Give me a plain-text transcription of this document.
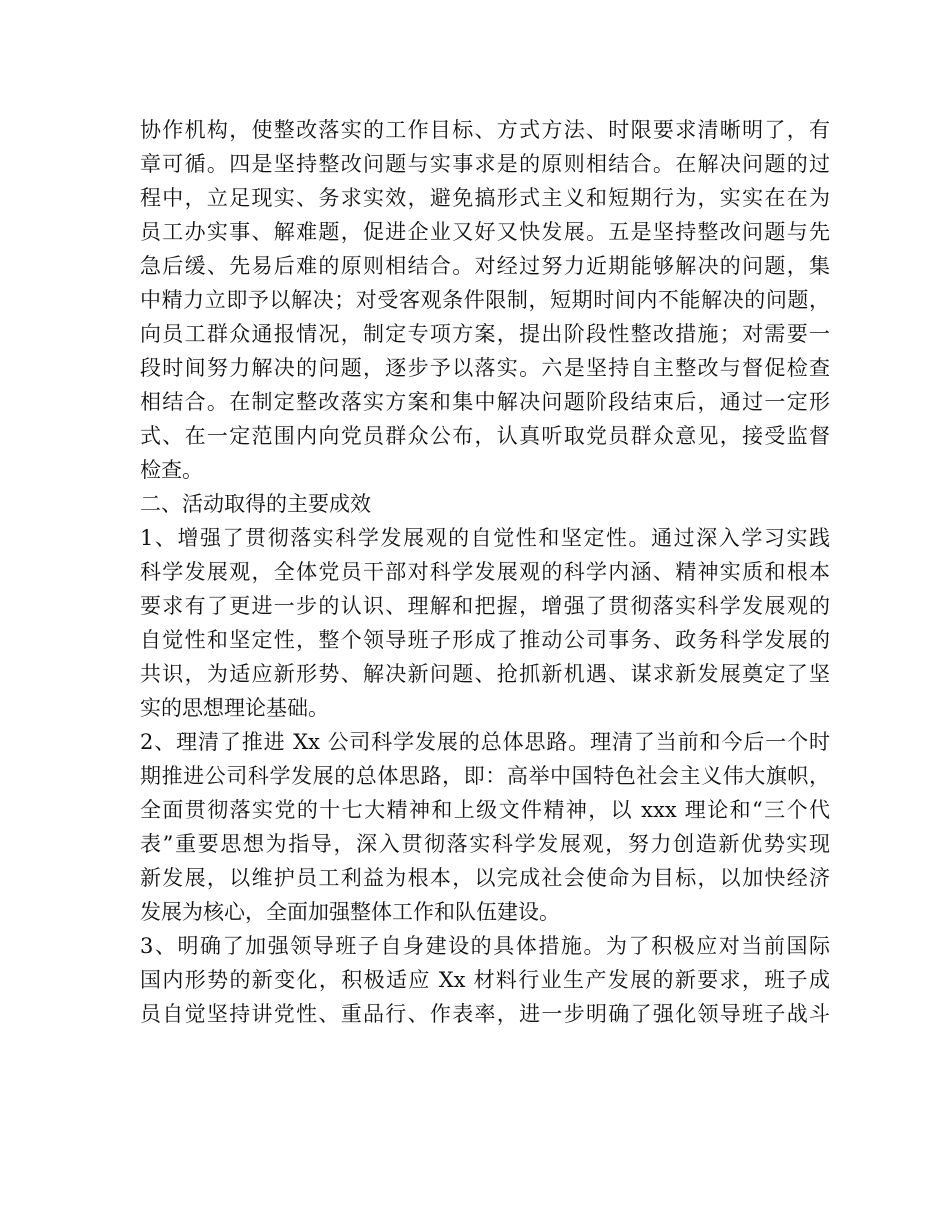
协作机构，使整改落实的工作目标、方式方法、时限要求清晰明了，有
章可循。四是坚持整改问题与实事求是的原则相结合。在解决问题的过
程中，立足现实、务求实效，避免搞形式主义和短期行为，实实在在为
员工办实事、解难题，促进企业又好又快发展。五是坚持整改问题与先
急后缓、先易后难的原则相结合。对经过努力近期能够解决的问题，集
中精力立即予以解决；对受客观条件限制，短期时间内不能解决的问题，
向员工群众通报情况，制定专项方案，提出阶段性整改措施；对需要一
段时间努力解决的问题，逐步予以落实。六是坚持自主整改与督促检查
相结合。在制定整改落实方案和集中解决问题阶段结束后，通过一定形
式、在一定范围内向党员群众公布，认真听取党员群众意见，接受监督
检查。
二、活动取得的主要成效
1、增强了贯彻落实科学发展观的自觉性和坚定性。通过深入学习实践
科学发展观，全体党员干部对科学发展观的科学内涵、精神实质和根本
要求有了更进一步的认识、理解和把握，增强了贯彻落实科学发展观的
自觉性和坚定性，整个领导班子形成了推动公司事务、政务科学发展的
共识，为适应新形势、解决新问题、抢抓新机遇、谋求新发展奠定了坚
实的思想理论基础。
2、理清了推进 Xx 公司科学发展的总体思路。理清了当前和今后一个时
期推进公司科学发展的总体思路，即：高举中国特色社会主义伟大旗帜，
全面贯彻落实党的十七大精神和上级文件精神，以 xxx 理论和“三个代
表”重要思想为指导，深入贯彻落实科学发展观，努力创造新优势实现
新发展，以维护员工利益为根本，以完成社会使命为目标，以加快经济
发展为核心，全面加强整体工作和队伍建设。
3、明确了加强领导班子自身建设的具体措施。为了积极应对当前国际
国内形势的新变化，积极适应 Xx 材料行业生产发展的新要求，班子成
员自觉坚持讲党性、重品行、作表率，进一步明确了强化领导班子战斗
